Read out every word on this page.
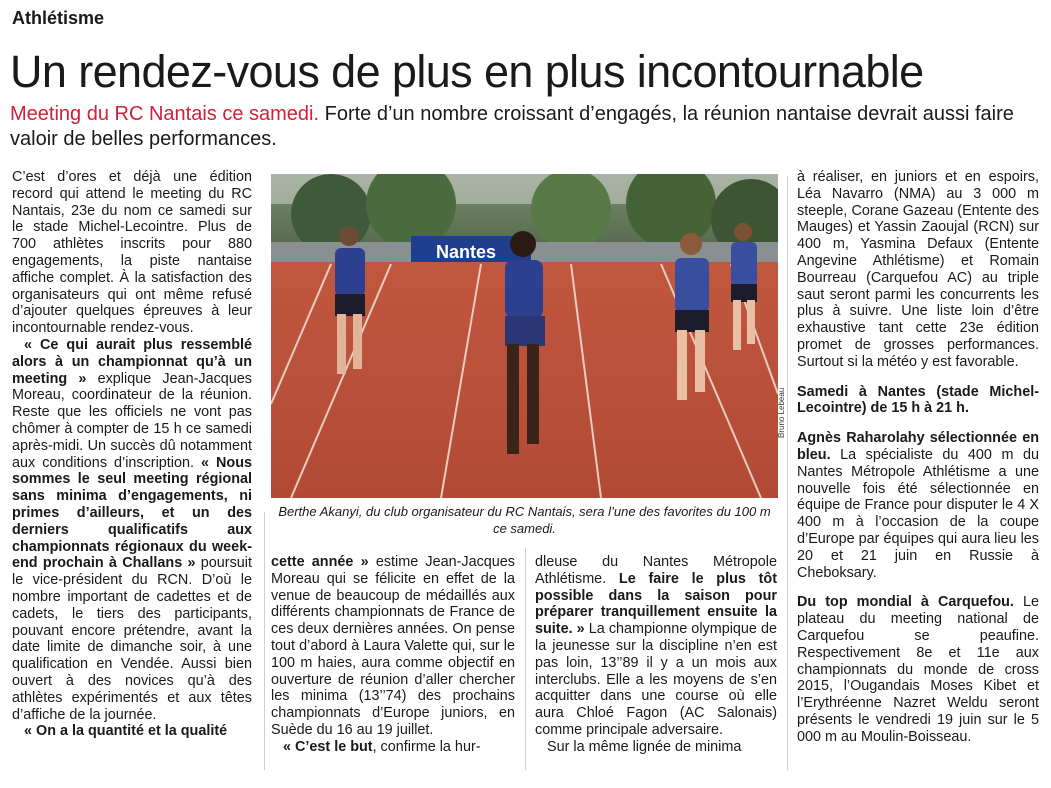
Athlétisme
Un rendez-vous de plus en plus incontournable
Meeting du RC Nantais ce samedi. Forte d’un nombre croissant d’engagés, la réunion nantaise devrait aussi faire valoir de belles performances.

C’est d’ores et déjà une édition record qui attend le meeting du RC Nantais, 23e du nom ce samedi sur le stade Michel-Lecointre. Plus de 700 athlètes inscrits pour 880 engagements, la piste nantaise affiche complet. À la satisfaction des organisateurs qui ont même refusé d’ajouter quelques épreuves à leur incontournable rendez-vous.

« Ce qui aurait plus ressemblé alors à un championnat qu’à un meeting » explique Jean-Jacques Moreau, coordinateur de la réunion. Reste que les officiels ne vont pas chômer à compter de 15 h ce samedi après-midi. Un succès dû notamment aux conditions d’inscription. « Nous sommes le seul meeting régional sans minima d’engagements, ni primes d’ailleurs, et un des derniers qualificatifs aux championnats régionaux du week-end prochain à Challans » poursuit le vice-président du RCN. D’où le nombre important de cadettes et de cadets, le tiers des participants, pouvant encore prétendre, avant la date limite de dimanche soir, à une qualification en Vendée. Aussi bien ouvert à des novices qu’à des athlètes expérimentés et aux têtes d’affiche de la journée.

« On a la quantité et la qualité

Nantes
Bruno Lebeau
Berthe Akanyi, du club organisateur du RC Nantais, sera l’une des favorites du 100 m ce samedi.

cette année » estime Jean-Jacques Moreau qui se félicite en effet de la venue de beaucoup de médaillés aux différents championnats de France de ces deux dernières années. On pense tout d’abord à Laura Valette qui, sur le 100 m haies, aura comme objectif en ouverture de réunion d’aller chercher les minima (13’’74) des prochains championnats d’Europe juniors, en Suède du 16 au 19 juillet.

« C’est le but, confirme la hur-

dleuse du Nantes Métropole Athlétisme. Le faire le plus tôt possible dans la saison pour préparer tranquillement ensuite la suite. » La championne olympique de la jeunesse sur la discipline n’en est pas loin, 13’’89 il y a un mois aux interclubs. Elle a les moyens de s’en acquitter dans une course où elle aura Chloé Fagon (AC Salonais) comme principale adversaire.

Sur la même lignée de minima

à réaliser, en juniors et en espoirs, Léa Navarro (NMA) au 3 000 m steeple, Corane Gazeau (Entente des Mauges) et Yassin Zaoujal (RCN) sur 400 m, Yasmina Defaux (Entente Angevine Athlétisme) et Romain Bourreau (Carquefou AC) au triple saut seront parmi les concurrents les plus à suivre. Une liste loin d’être exhaustive tant cette 23e édition promet de grosses performances. Surtout si la météo y est favorable.

Samedi à Nantes (stade Michel-Lecointre) de 15 h à 21 h.

Agnès Raharolahy sélectionnée en bleu. La spécialiste du 400 m du Nantes Métropole Athlétisme a une nouvelle fois été sélectionnée en équipe de France pour disputer le 4 X 400 m à l’occasion de la coupe d’Europe par équipes qui aura lieu les 20 et 21 juin en Russie à Cheboksary.

Du top mondial à Carquefou. Le plateau du meeting national de Carquefou se peaufine. Respectivement 8e et 11e aux championnats du monde de cross 2015, l’Ougandais Moses Kibet et l’Erythréenne Nazret Weldu seront présents le vendredi 19 juin sur le 5 000 m au Moulin-Boisseau.
